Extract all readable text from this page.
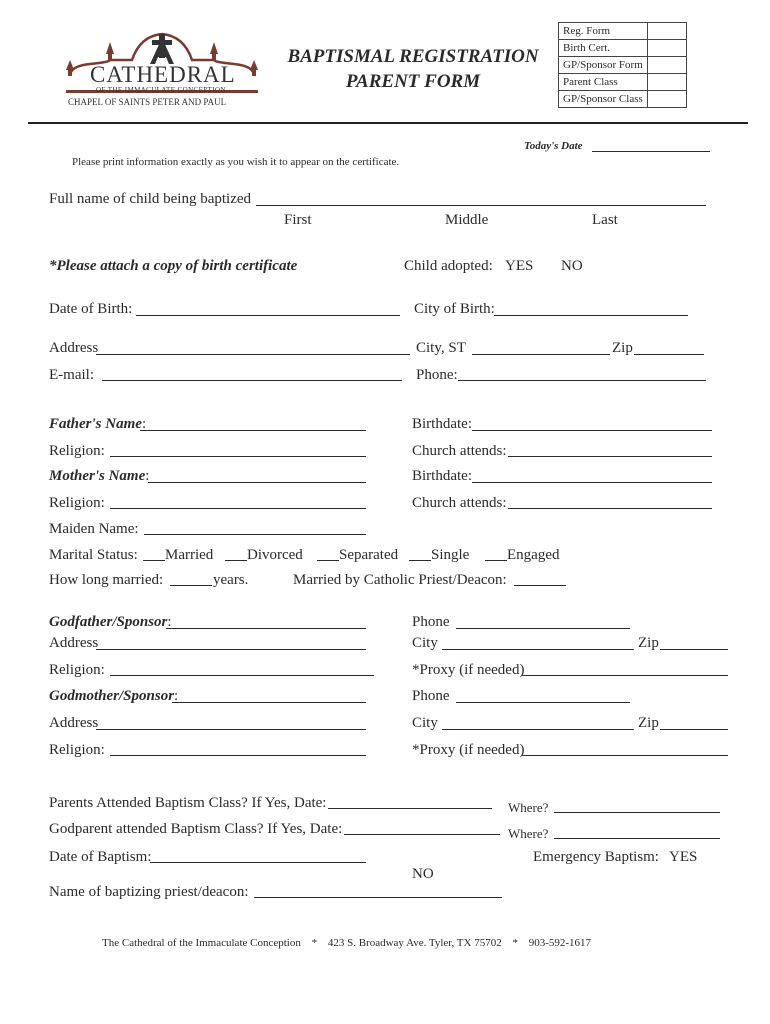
CATHEDRAL
OF THE IMMACULATE CONCEPTION
CHAPEL OF SAINTS PETER AND PAUL
BAPTISMAL REGISTRATION
PARENT FORM
Reg. Form	
Birth Cert.	
GP/Sponsor Form	
Parent Class	
GP/Sponsor Class	
Today's Date
Please print information exactly as you wish it to appear on the certificate.
Full name of child being baptized
First	Middle	Last
*Please attach a copy of birth certificate	Child adopted: YES NO
Date of Birth:	City of Birth:
Address	City, ST	Zip
E-mail:	Phone:
Father's Name:	Birthdate:
Religion:	Church attends:
Mother's Name:	Birthdate:
Religion:	Church attends:
Maiden Name:
Marital Status: Married Divorced Separated Single	Engaged
How long married:	years.	Married by Catholic Priest/Deacon:
Godfather/Sponsor:	Phone
Address	City	Zip
Religion:	*Proxy (if needed)
Godmother/Sponsor:	Phone
Address	City	Zip
Religion:	*Proxy (if needed)
Parents Attended Baptism Class? If Yes, Date:	Where?
Godparent attended Baptism Class? If Yes, Date:	Where?
Date of Baptism:	Emergency Baptism: YES
NO
Name of baptizing priest/deacon:
The Cathedral of the Immaculate Conception * 423 S. Broadway Ave. Tyler, TX 75702 * 903-592-1617
